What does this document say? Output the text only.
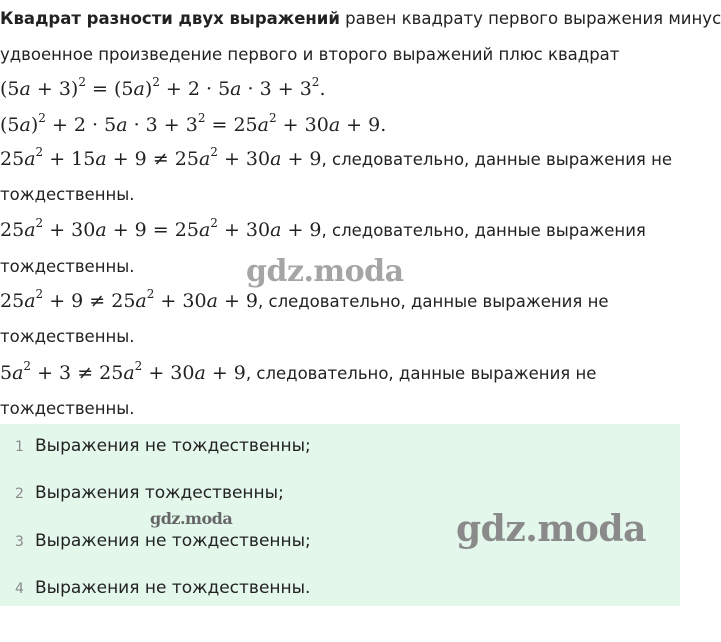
Квадрат разности двух выражений равен квадрату первого выражения минус
удвоенное произведение первого и второго выражений плюс квадрат
$(5a + 3)^2 = (5a)^2 + 2 \cdot 5a \cdot 3 + 3^2$.
$(5a)^2 + 2 \cdot 5a \cdot 3 + 3^2 = 25a^2 + 30a + 9$.
$25a^2 + 15a + 9 \ne 25a^2 + 30a + 9$, следовательно, данные выражения не
тождественны.
$25a^2 + 30a + 9 = 25a^2 + 30a + 9$, следовательно, данные выражения
тождественны.
$25a^2 + 9 \ne 25a^2 + 30a + 9$, следовательно, данные выражения не
тождественны.
$5a^2 + 3 \ne 25a^2 + 30a + 9$, следовательно, данные выражения не
тождественны.
1 Выражения не тождественны;
2 Выражения тождественны;
3 Выражения не тождественны;
4 Выражения не тождественны.
gdz.moda
gdz.moda	gdz.moda
